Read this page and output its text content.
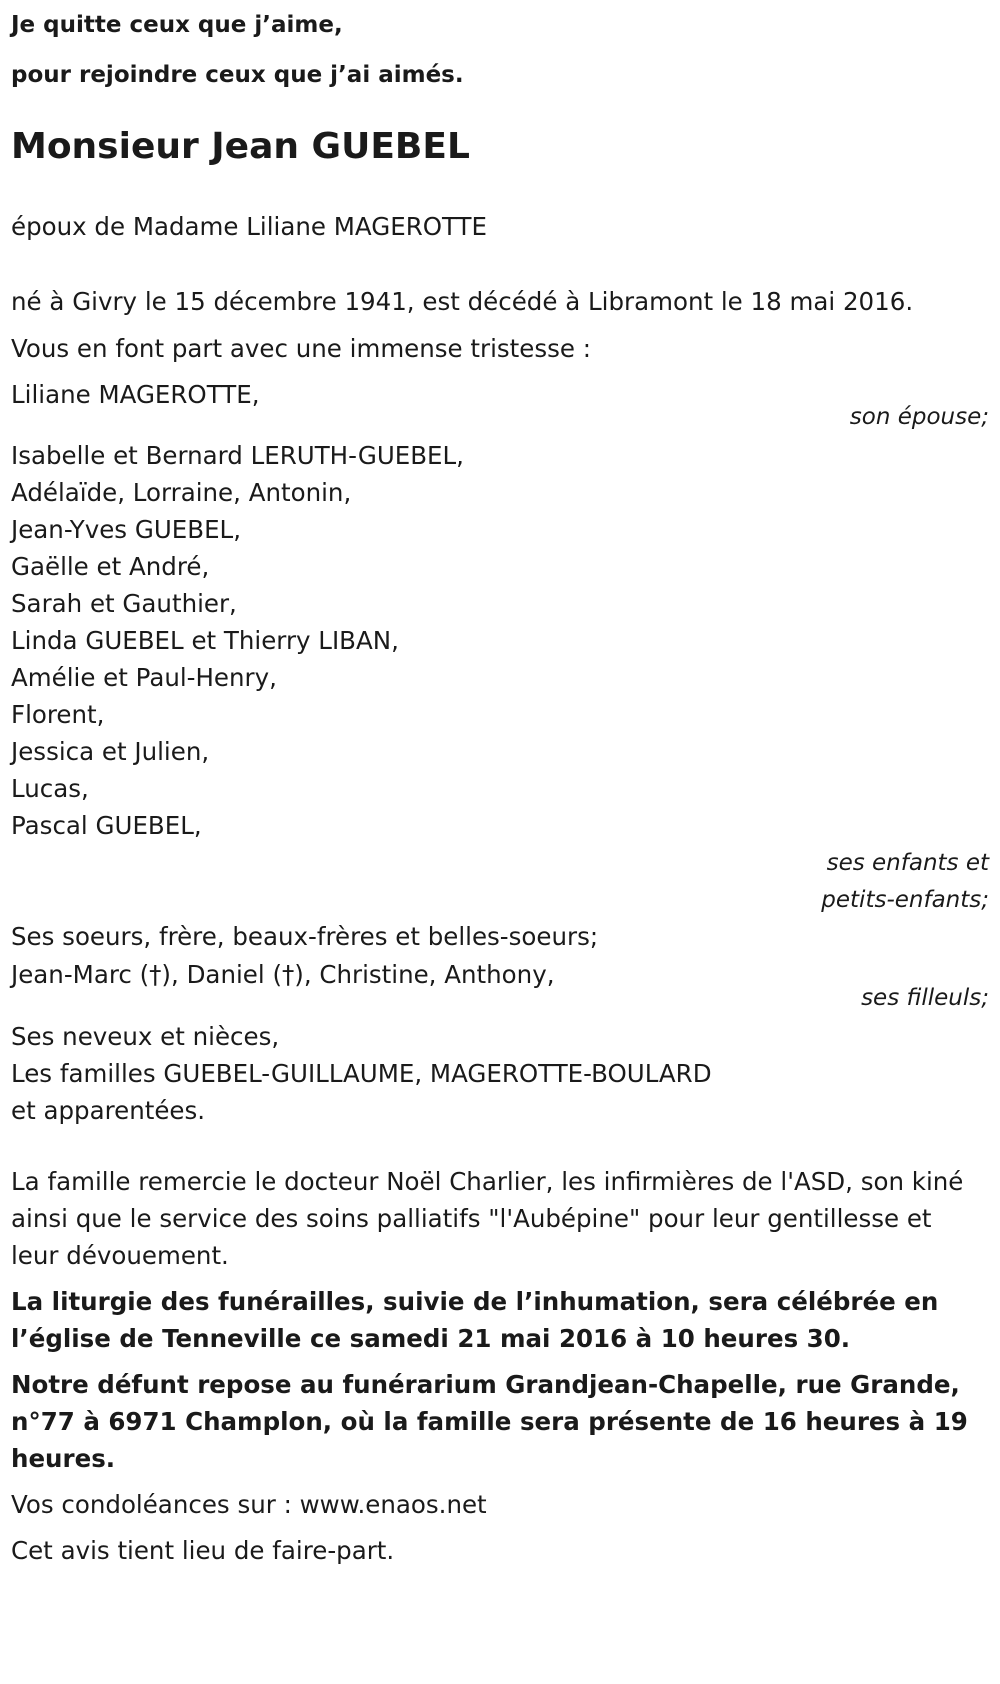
Je quitte ceux que j’aime,
pour rejoindre ceux que j’ai aimés.
Monsieur Jean GUEBEL
époux de Madame Liliane MAGEROTTE
né à Givry le 15 décembre 1941, est décédé à Libramont le 18 mai 2016.
Vous en font part avec une immense tristesse :
Liliane MAGEROTTE,
son épouse;
Isabelle et Bernard LERUTH-GUEBEL,
Adélaïde, Lorraine, Antonin,
Jean-Yves GUEBEL,
Gaëlle et André,
Sarah et Gauthier,
Linda GUEBEL et Thierry LIBAN,
Amélie et Paul-Henry,
Florent,
Jessica et Julien,
Lucas,
Pascal GUEBEL,
ses enfants et
petits-enfants;
Ses soeurs, frère, beaux-frères et belles-soeurs;
Jean-Marc (†), Daniel (†), Christine, Anthony,
ses filleuls;
Ses neveux et nièces,
Les familles GUEBEL-GUILLAUME, MAGEROTTE-BOULARD
et apparentées.
La famille remercie le docteur Noël Charlier, les infirmières de l'ASD, son kiné ainsi que le service des soins palliatifs "l'Aubépine" pour leur gentillesse et leur dévouement.
La liturgie des funérailles, suivie de l’inhumation, sera célébrée en l’église de Tenneville ce samedi 21 mai 2016 à 10 heures 30.
Notre défunt repose au funérarium Grandjean-Chapelle, rue Grande, n°77 à 6971 Champlon, où la famille sera présente de 16 heures à 19 heures.
Vos condoléances sur : www.enaos.net
Cet avis tient lieu de faire-part.
